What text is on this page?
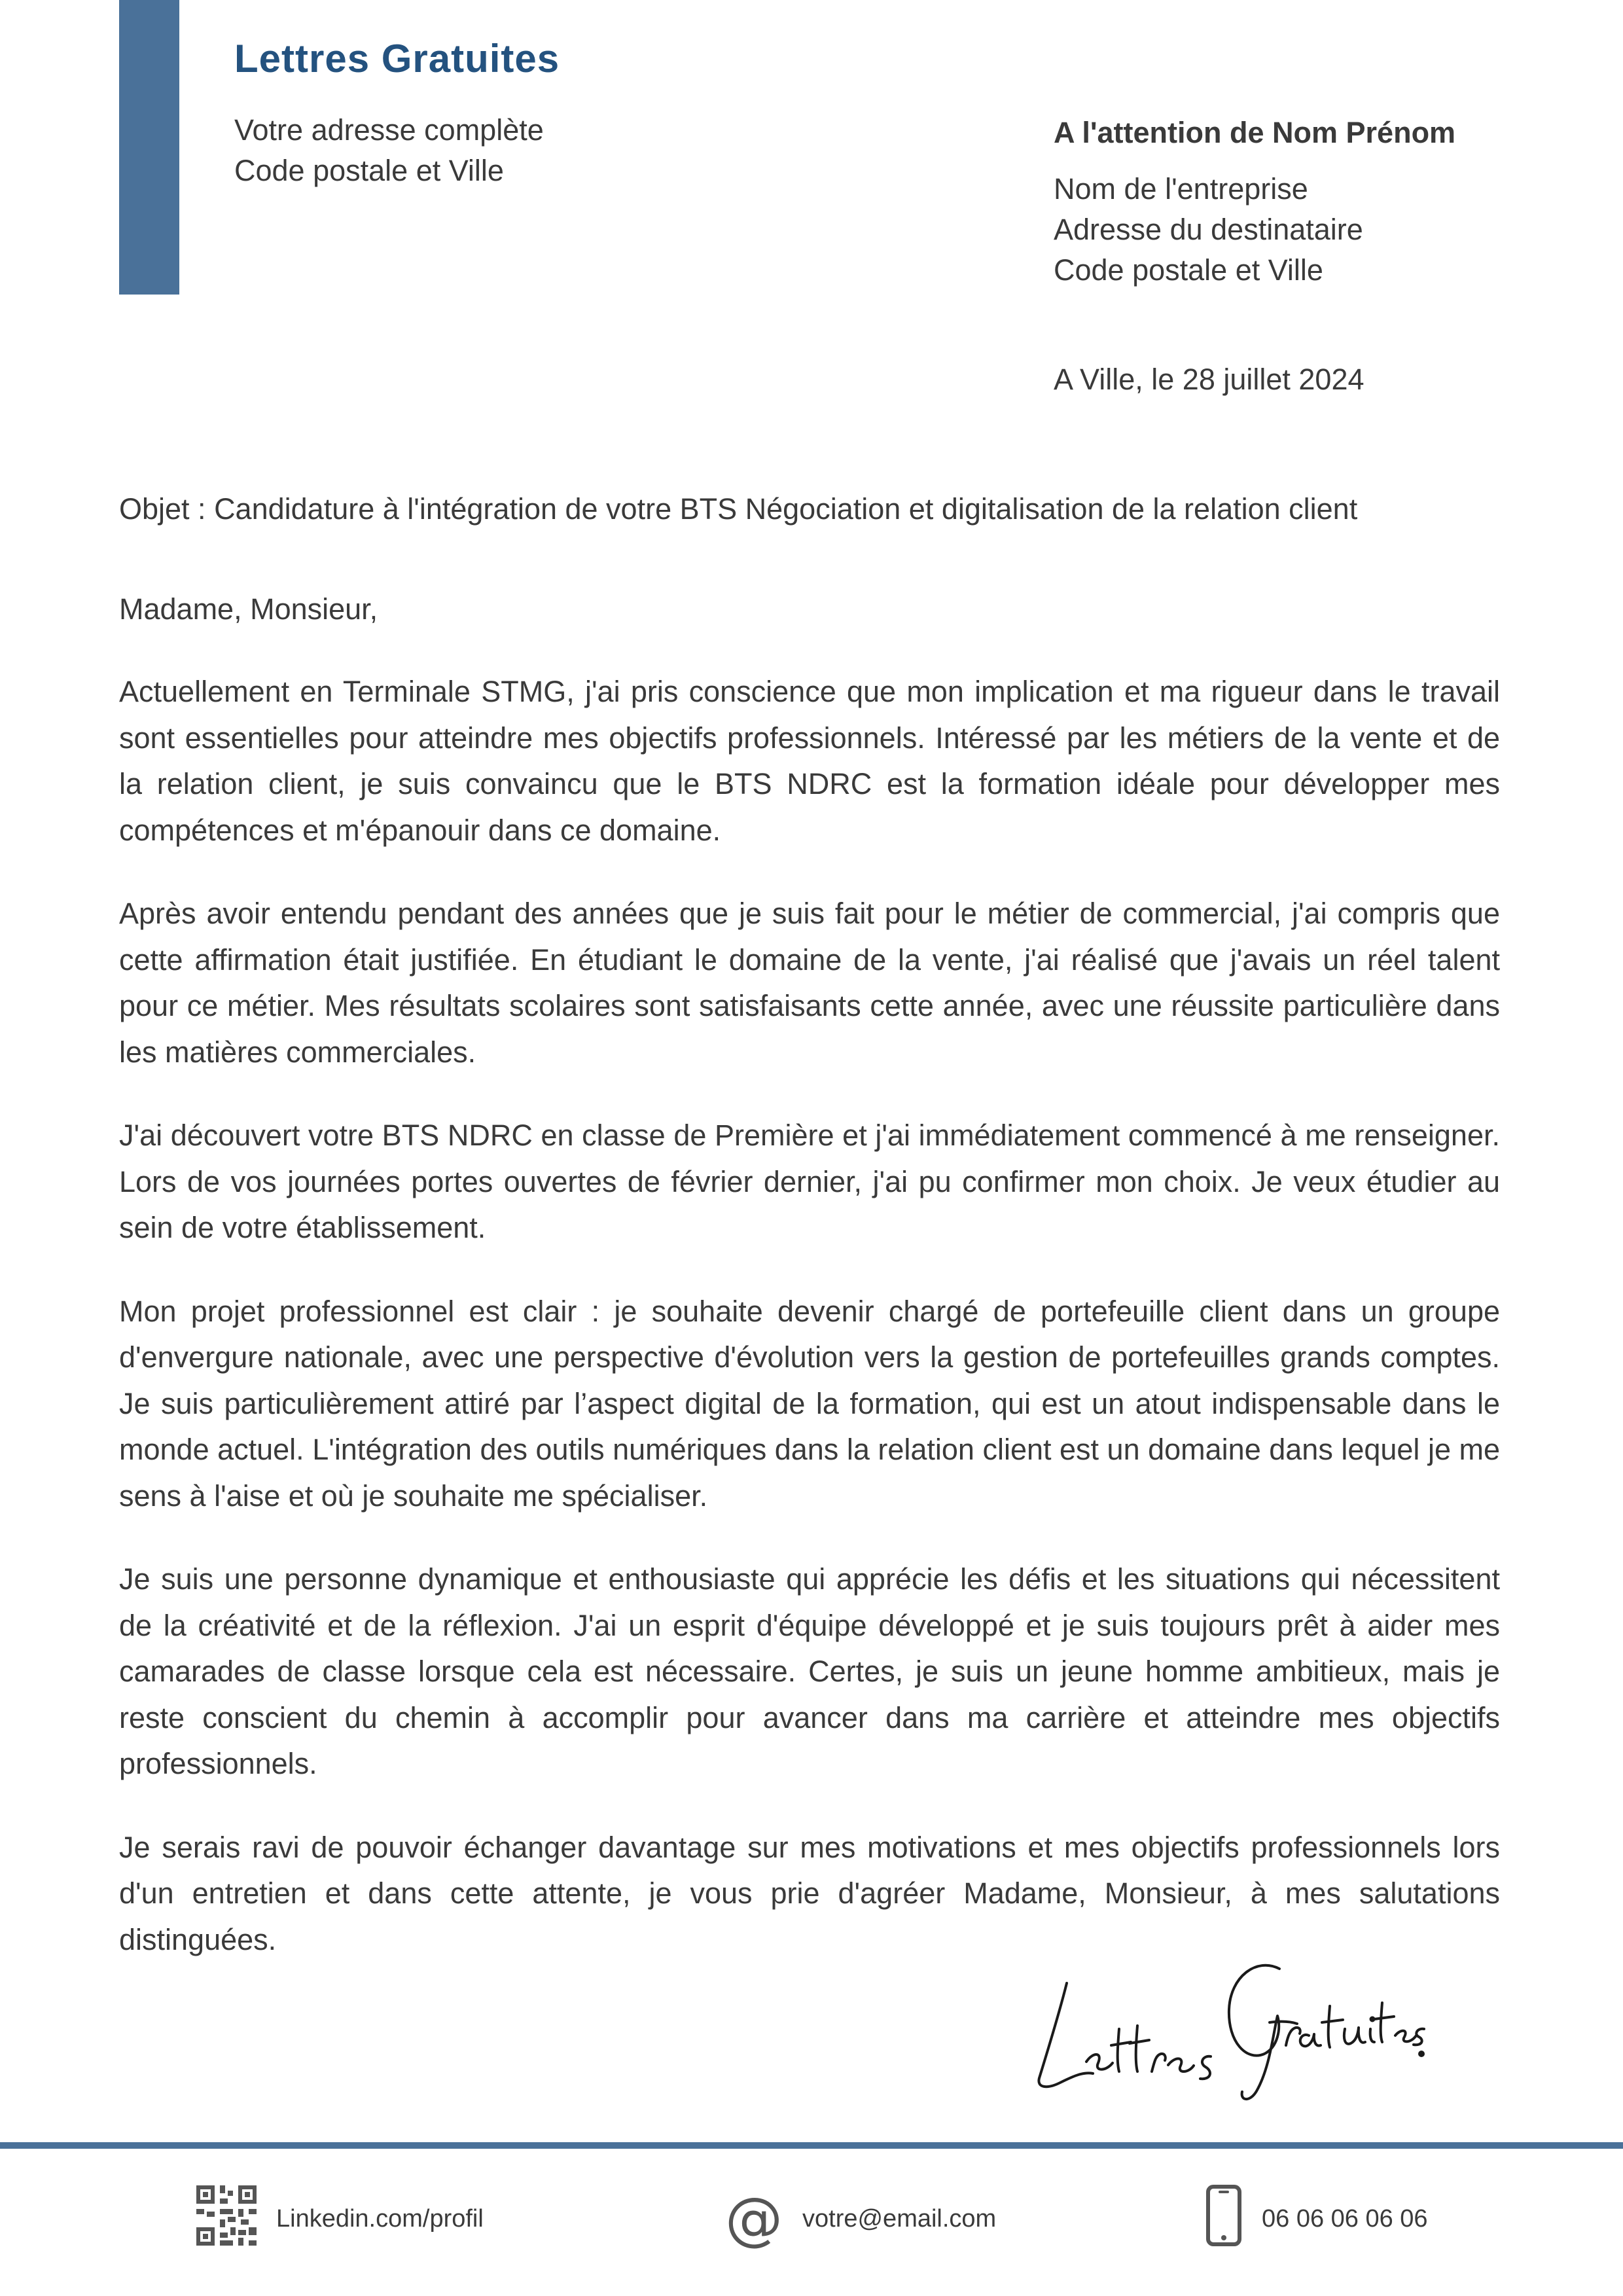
Lettres Gratuites
Votre adresse complète
Code postale et Ville
A l'attention de Nom Prénom
Nom de l'entreprise
Adresse du destinataire
Code postale et Ville
A Ville, le 28 juillet 2024
Objet : Candidature à l'intégration de votre BTS Négociation et digitalisation de la relation client
Madame, Monsieur,

Actuellement en Terminale STMG, j'ai pris conscience que mon implication et ma rigueur dans le travail sont essentielles pour atteindre mes objectifs professionnels. Intéressé par les métiers de la vente et de la relation client, je suis convaincu que le BTS NDRC est la formation idéale pour développer mes compétences et m'épanouir dans ce domaine.

Après avoir entendu pendant des années que je suis fait pour le métier de commercial, j'ai compris que cette affirmation était justifiée. En étudiant le domaine de la vente, j'ai réalisé que j'avais un réel talent pour ce métier. Mes résultats scolaires sont satisfaisants cette année, avec une réussite particulière dans les matières commerciales.

J'ai découvert votre BTS NDRC en classe de Première et j'ai immédiatement commencé à me renseigner. Lors de vos journées portes ouvertes de février dernier, j'ai pu confirmer mon choix. Je veux étudier au sein de votre établissement.

Mon projet professionnel est clair : je souhaite devenir chargé de portefeuille client dans un groupe d'envergure nationale, avec une perspective d'évolution vers la gestion de portefeuilles grands comptes. Je suis particulièrement attiré par l’aspect digital de la formation, qui est un atout indispensable dans le monde actuel. L'intégration des outils numériques dans la relation client est un domaine dans lequel je me sens à l'aise et où je souhaite me spécialiser.

Je suis une personne dynamique et enthousiaste qui apprécie les défis et les situations qui nécessitent de la créativité et de la réflexion. J'ai un esprit d'équipe développé et je suis toujours prêt à aider mes camarades de classe lorsque cela est nécessaire. Certes, je suis un jeune homme ambitieux, mais je reste conscient du chemin à accomplir pour avancer dans ma carrière et atteindre mes objectifs professionnels.

Je serais ravi de pouvoir échanger davantage sur mes motivations et mes objectifs professionnels lors d'un entretien et dans cette attente, je vous prie d'agréer Madame, Monsieur, à mes salutations distinguées.

Linkedin.com/profil	@ votre@email.com	06 06 06 06 06
